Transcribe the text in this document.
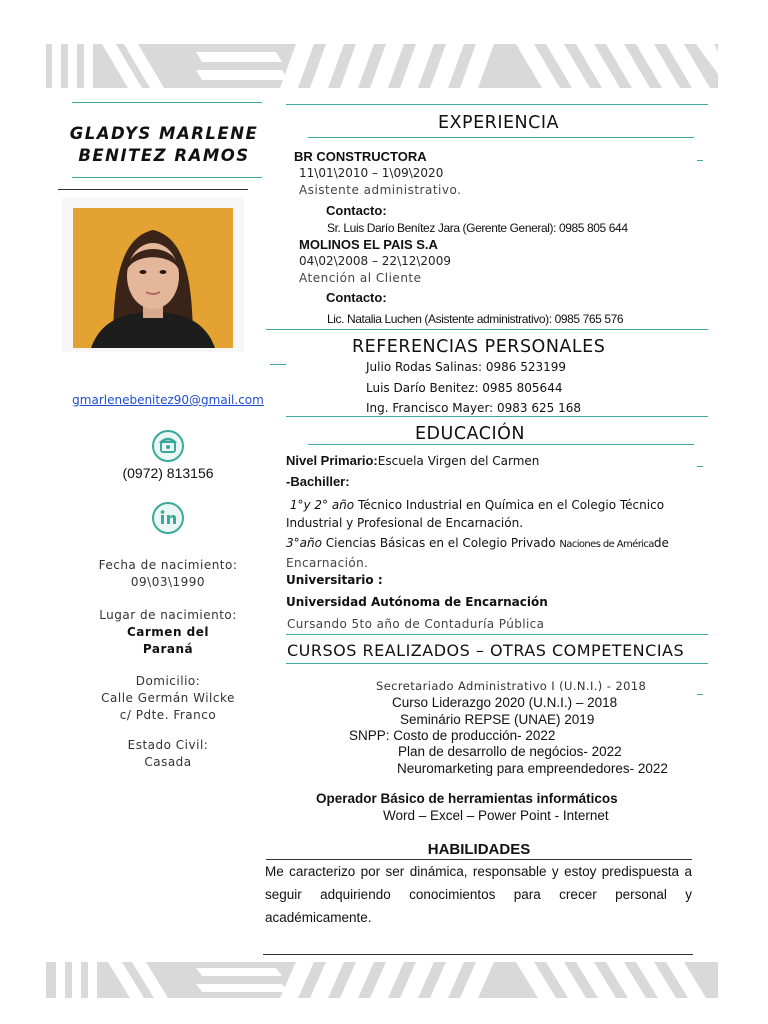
GLADYS MARLENE
BENITEZ RAMOS
gmarlenebenitez90@gmail.com
(0972) 813156
Fecha de nacimiento:
09\03\1990
Lugar de nacimiento:
Carmen del
Paraná
Domicilio:
Calle Germán Wilcke
c/ Pdte. Franco
Estado Civil:
Casada
EXPERIENCIA
BR CONSTRUCTORA
11\01\2010 – 1\09\2020
Asistente administrativo.
Contacto:
Sr. Luis Darío Benítez Jara (Gerente General): 0985 805 644
MOLINOS EL PAIS S.A
04\02\2008 – 22\12\2009
Atención al Cliente
Contacto:
Lic. Natalia Luchen (Asistente administrativo): 0985 765 576
REFERENCIAS PERSONALES
Julio Rodas Salinas: 0986 523199
Luis Darío Benitez: 0985 805644
Ing. Francisco Mayer: 0983 625 168
EDUCACIÓN
Nivel Primario:Escuela Virgen del Carmen
-Bachiller:
1°y 2° año Técnico Industrial en Química en el Colegio Técnico
Industrial y Profesional de Encarnación.
3°año Ciencias Básicas en el Colegio Privado Naciones de Américade
Encarnación.
Universitario :
Universidad Autónoma de Encarnación
Cursando 5to año de Contaduría Pública
CURSOS REALIZADOS – OTRAS COMPETENCIAS
Secretariado Administrativo I (U.N.I.) - 2018
Curso Liderazgo 2020 (U.N.I.) – 2018
Seminário REPSE (UNAE) 2019
SNPP: Costo de producción- 2022
Plan de desarrollo de negócios- 2022
Neuromarketing para empreendedores- 2022
Operador Básico de herramientas informáticos
Word – Excel – Power Point - Internet
HABILIDADES
Me caracterizo por ser dinámica, responsable y estoy predispuesta a seguir adquiriendo conocimientos para crecer personal y académicamente.
